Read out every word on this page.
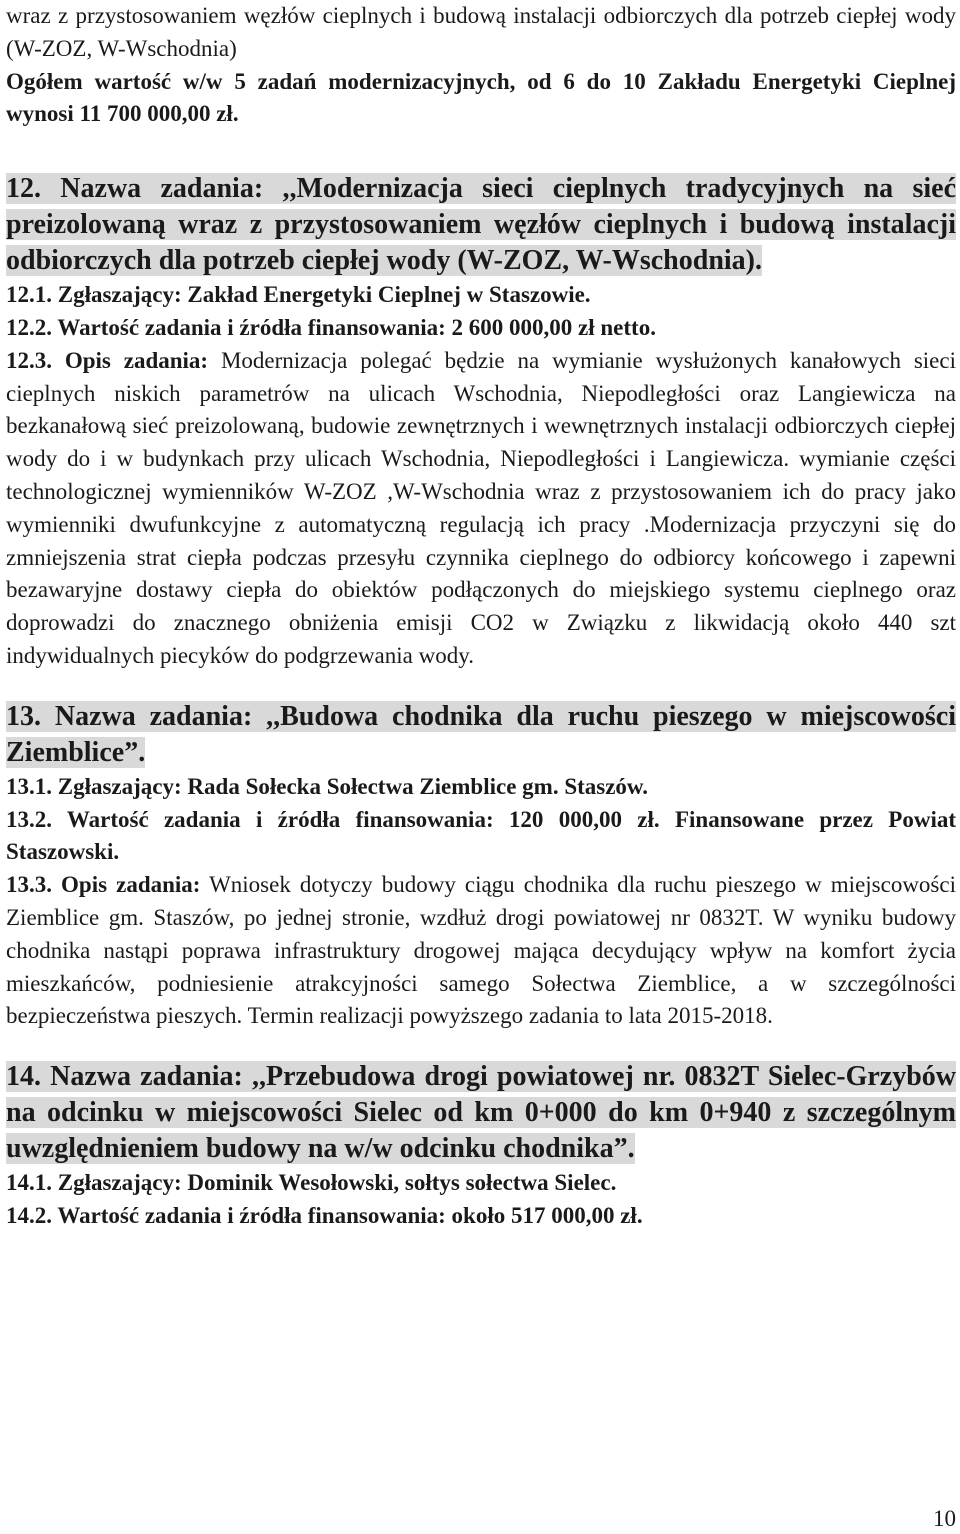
wraz z przystosowaniem węzłów cieplnych i budową instalacji odbiorczych dla potrzeb ciepłej wody (W-ZOZ, W-Wschodnia)

Ogółem wartość w/w 5 zadań modernizacyjnych, od 6 do 10 Zakładu Energetyki Cieplnej wynosi 11 700 000,00 zł.

12. Nazwa zadania: ,,Modernizacja sieci cieplnych tradycyjnych na sieć preizolowaną wraz z przystosowaniem węzłów cieplnych i budową instalacji odbiorczych dla potrzeb ciepłej wody (W-ZOZ, W-Wschodnia).

12.1. Zgłaszający: Zakład Energetyki Cieplnej w Staszowie.

12.2. Wartość zadania i źródła finansowania: 2 600 000,00 zł netto.

12.3. Opis zadania: Modernizacja polegać będzie na wymianie wysłużonych kanałowych sieci cieplnych niskich parametrów na ulicach Wschodnia, Niepodległości oraz Langiewicza na bezkanałową sieć preizolowaną, budowie zewnętrznych i wewnętrznych instalacji odbiorczych ciepłej wody do i w budynkach przy ulicach Wschodnia, Niepodległości i Langiewicza. wymianie części technologicznej wymienników W-ZOZ ,W-Wschodnia wraz z przystosowaniem ich do pracy jako wymienniki dwufunkcyjne z automatyczną regulacją ich pracy .Modernizacja przyczyni się do zmniejszenia strat ciepła podczas przesyłu czynnika cieplnego do odbiorcy końcowego i zapewni bezawaryjne dostawy ciepła do obiektów podłączonych do miejskiego systemu cieplnego oraz doprowadzi do znacznego obniżenia emisji CO2 w Związku z likwidacją około 440 szt indywidualnych piecyków do podgrzewania wody.

13. Nazwa zadania: ,,Budowa chodnika dla ruchu pieszego w miejscowości Ziemblice”.

13.1. Zgłaszający: Rada Sołecka Sołectwa Ziemblice gm. Staszów.

13.2. Wartość zadania i źródła finansowania: 120 000,00 zł. Finansowane przez Powiat Staszowski.

13.3. Opis zadania: Wniosek dotyczy budowy ciągu chodnika dla ruchu pieszego w miejscowości Ziemblice gm. Staszów, po jednej stronie, wzdłuż drogi powiatowej nr 0832T. W wyniku budowy chodnika nastąpi poprawa infrastruktury drogowej mająca decydujący wpływ na komfort życia mieszkańców, podniesienie atrakcyjności samego Sołectwa Ziemblice, a w szczególności bezpieczeństwa pieszych. Termin realizacji powyższego zadania to lata 2015-2018.

14. Nazwa zadania: ,,Przebudowa drogi powiatowej nr. 0832T Sielec-Grzybów na odcinku w miejscowości Sielec od km 0+000 do km 0+940 z szczególnym uwzględnieniem budowy na w/w odcinku chodnika”.

14.1. Zgłaszający: Dominik Wesołowski, sołtys sołectwa Sielec.

14.2. Wartość zadania i źródła finansowania: około 517 000,00 zł.

10
